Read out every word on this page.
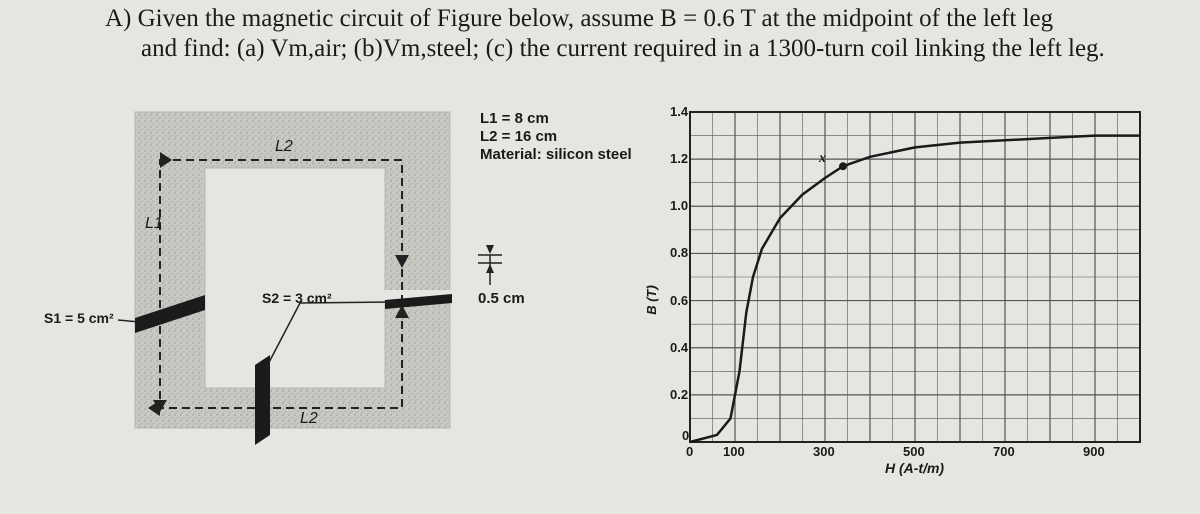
A) Given the magnetic circuit of Figure below, assume B = 0.6 T at the midpoint of the left leg
and find: (a) Vm,air; (b)Vm,steel; (c) the current required in a 1300-turn coil linking the left leg.
L1 = 8 cm
L2 = 16 cm
Material: silicon steel
0.5 cm
S1 = 5 cm²
S2 = 3 cm²
L1
L2
L2
x
B (T)
0 100	300	500	700	900
0
0.2
0.4
0.6
0.8
1.0
1.2
1.4
H (A-t/m)
